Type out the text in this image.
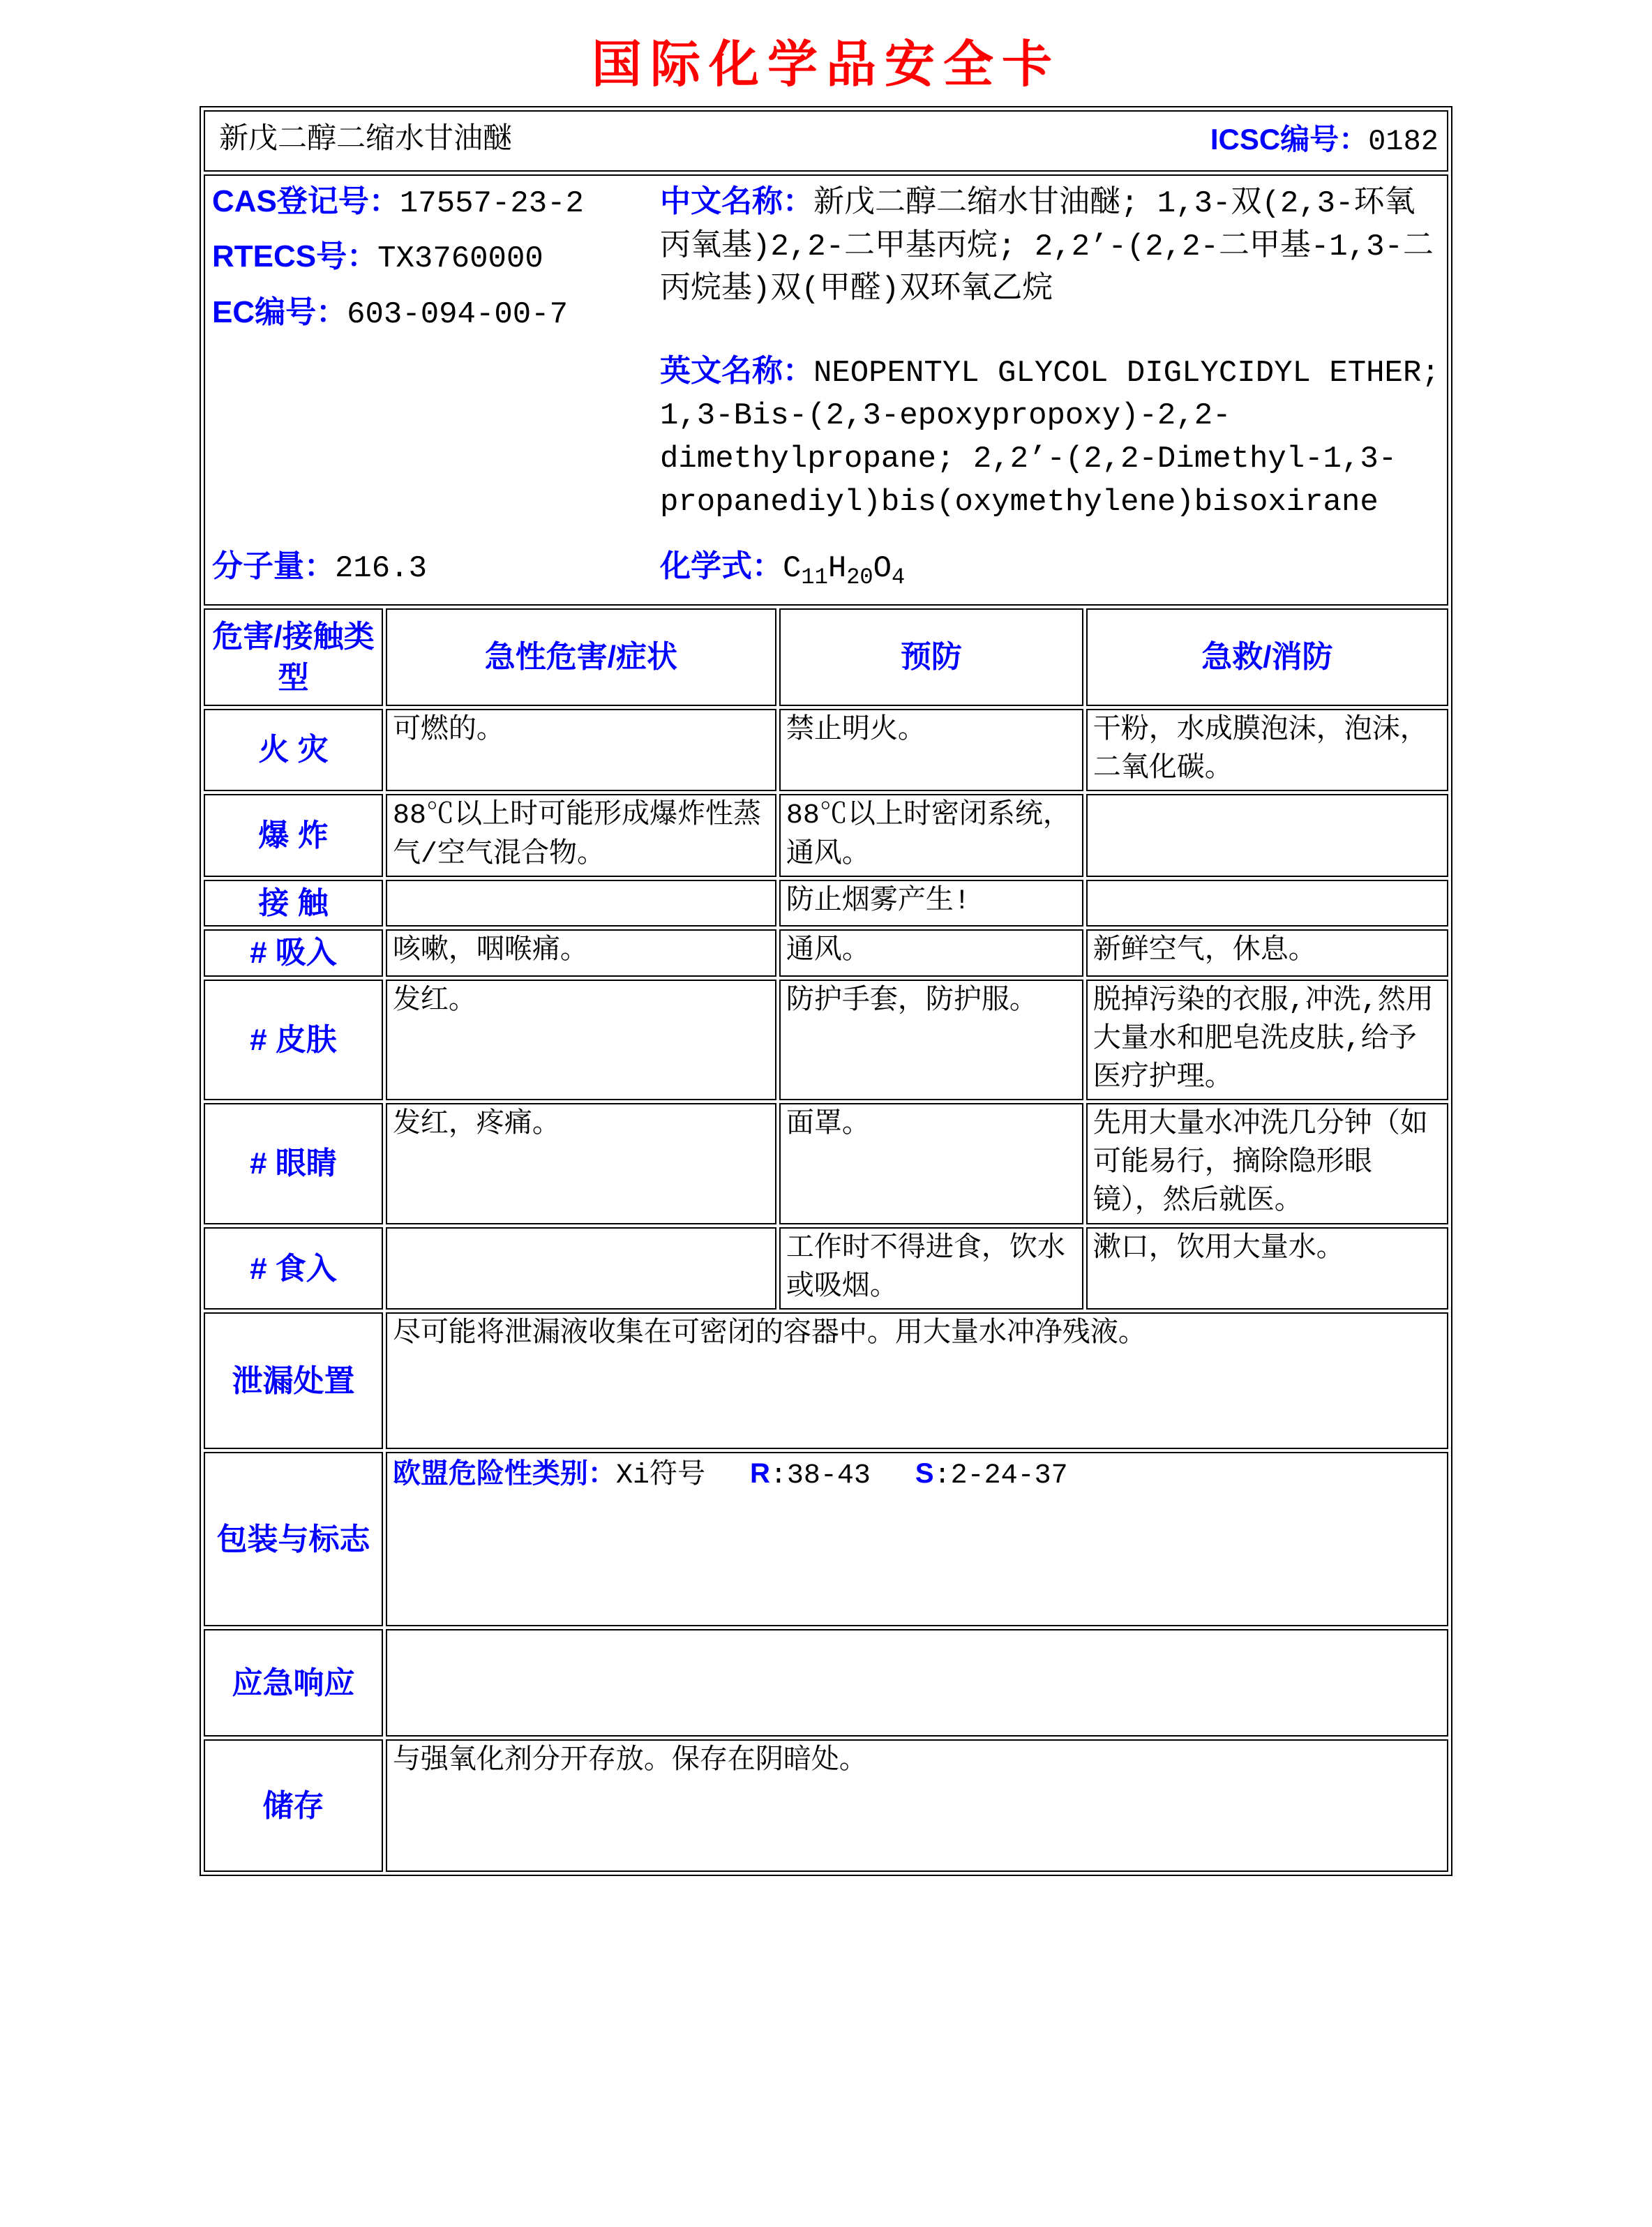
国际化学品安全卡
新戊二醇二缩水甘油醚 ICSC编号：0182			

CAS登记号：17557-23-2

RTECS号：TX3760000

EC编号：603-094-00-7

中文名称：新戊二醇二缩水甘油醚; 1,3-双(2,3-环氧丙氧基)2,2-二甲基丙烷; 2,2’-(2,2-二甲基-1,3-二丙烷基)双(甲醛)双环氧乙烷

英文名称：NEOPENTYL GLYCOL DIGLYCIDYL ETHER; 1,3-Bis-(2,3-epoxypropoxy)-2,2-dimethylpropane; 2,2’-(2,2-Dimethyl-1,3-propanediyl)bis(oxymethylene)bisoxirane

分子量：216.3	化学式：$C_{11}H_{20}O_4$

危害/接触类型	急性危害/症状	预防	急救/消防
火 灾	可燃的。	禁止明火。	干粉，水成膜泡沫，泡沫，二氧化碳。
爆 炸	88℃以上时可能形成爆炸性蒸气/空气混合物。	88℃以上时密闭系统，通风。	
接 触		防止烟雾产生!	
# 吸入	咳嗽，咽喉痛。	通风。	新鲜空气，休息。
# 皮肤	发红。	防护手套，防护服。	脱掉污染的衣服,冲洗,然用大量水和肥皂洗皮肤,给予医疗护理。
# 眼睛	发红，疼痛。	面罩。	先用大量水冲洗几分钟（如可能易行，摘除隐形眼镜），然后就医。
# 食入		工作时不得进食，饮水或吸烟。	漱口，饮用大量水。
泄漏处置	尽可能将泄漏液收集在可密闭的容器中。用大量水冲净残液。		
包装与标志	欧盟危险性类别：Xi符号 R:38-43 S:2-24-37		
应急响应			
储存	与强氧化剂分开存放。保存在阴暗处。		
